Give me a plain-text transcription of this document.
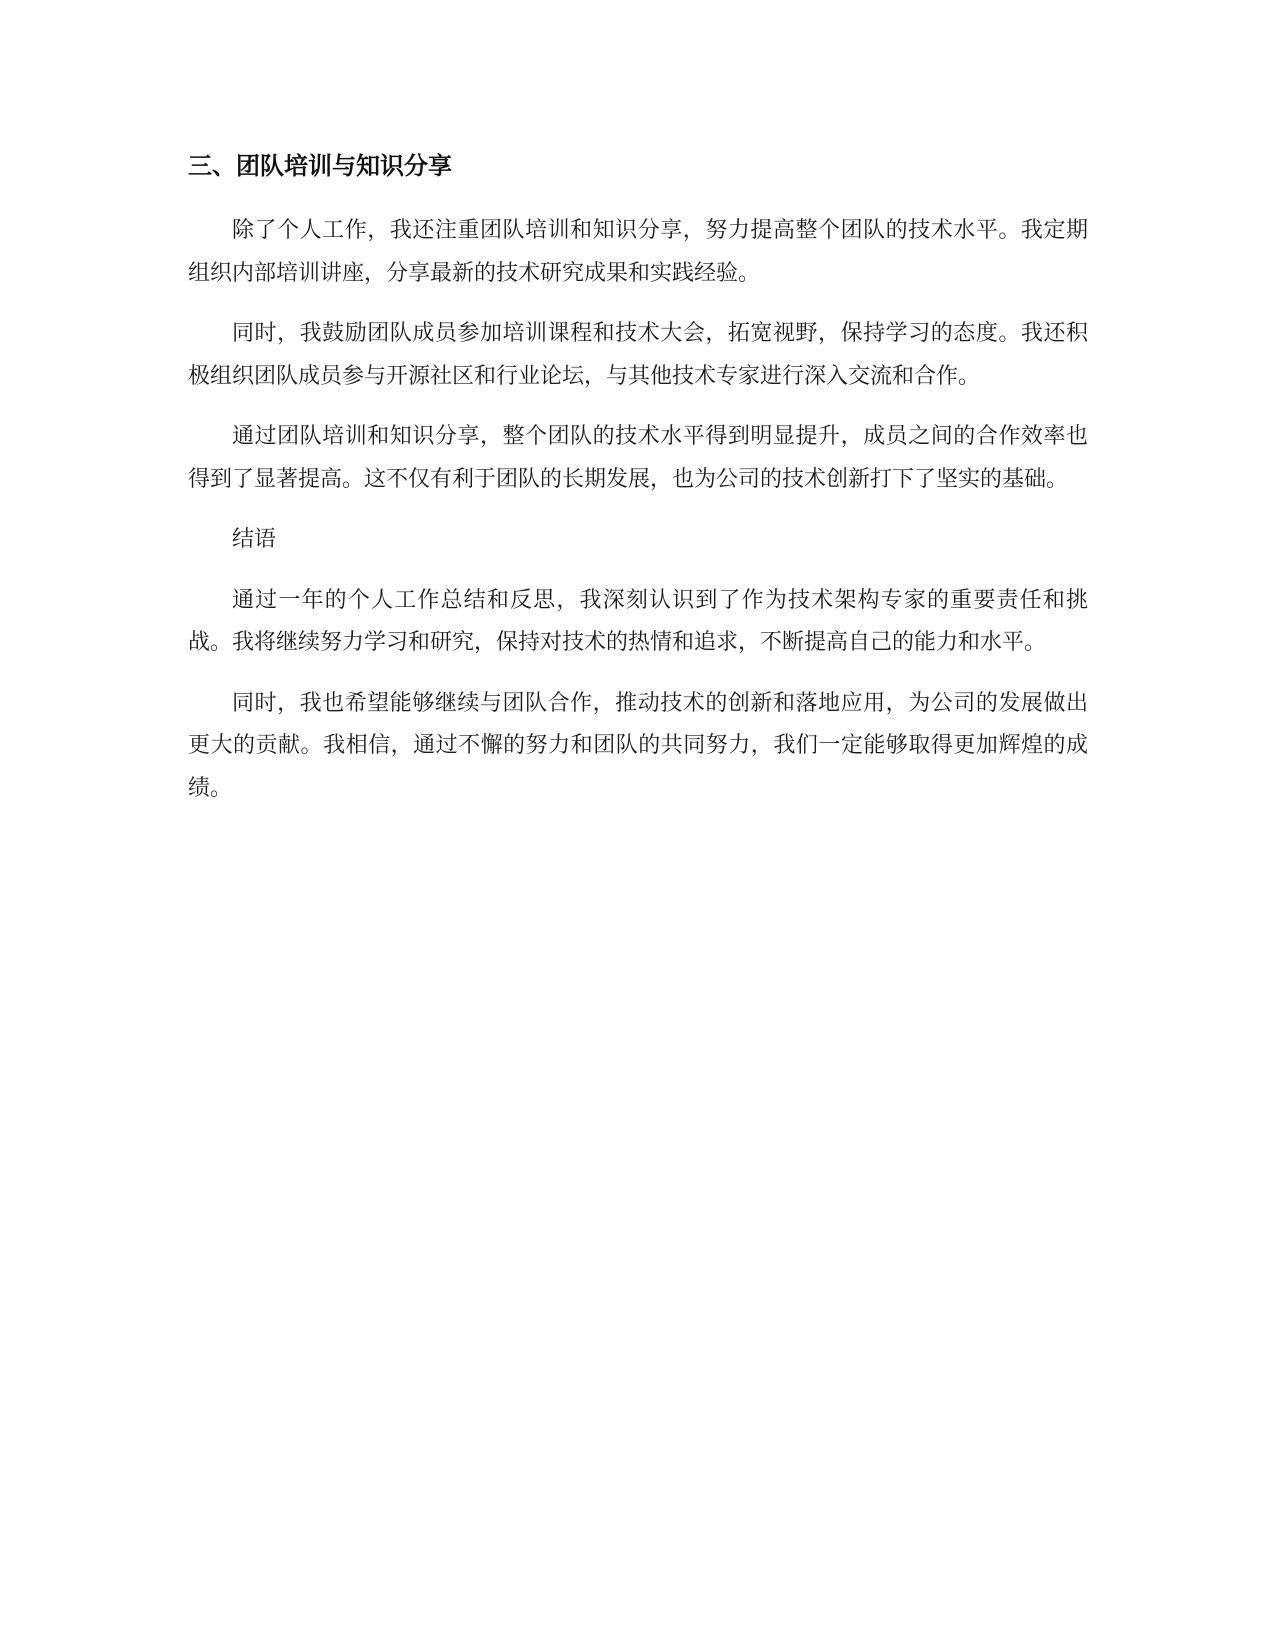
三、团队培训与知识分享

除了个人工作，我还注重团队培训和知识分享，努力提高整个团队的技术水平。我定期组织内部培训讲座，分享最新的技术研究成果和实践经验。

同时，我鼓励团队成员参加培训课程和技术大会，拓宽视野，保持学习的态度。我还积极组织团队成员参与开源社区和行业论坛，与其他技术专家进行深入交流和合作。

通过团队培训和知识分享，整个团队的技术水平得到明显提升，成员之间的合作效率也得到了显著提高。这不仅有利于团队的长期发展，也为公司的技术创新打下了坚实的基础。

结语

通过一年的个人工作总结和反思，我深刻认识到了作为技术架构专家的重要责任和挑战。我将继续努力学习和研究，保持对技术的热情和追求，不断提高自己的能力和水平。

同时，我也希望能够继续与团队合作，推动技术的创新和落地应用，为公司的发展做出更大的贡献。我相信，通过不懈的努力和团队的共同努力，我们一定能够取得更加辉煌的成绩。
